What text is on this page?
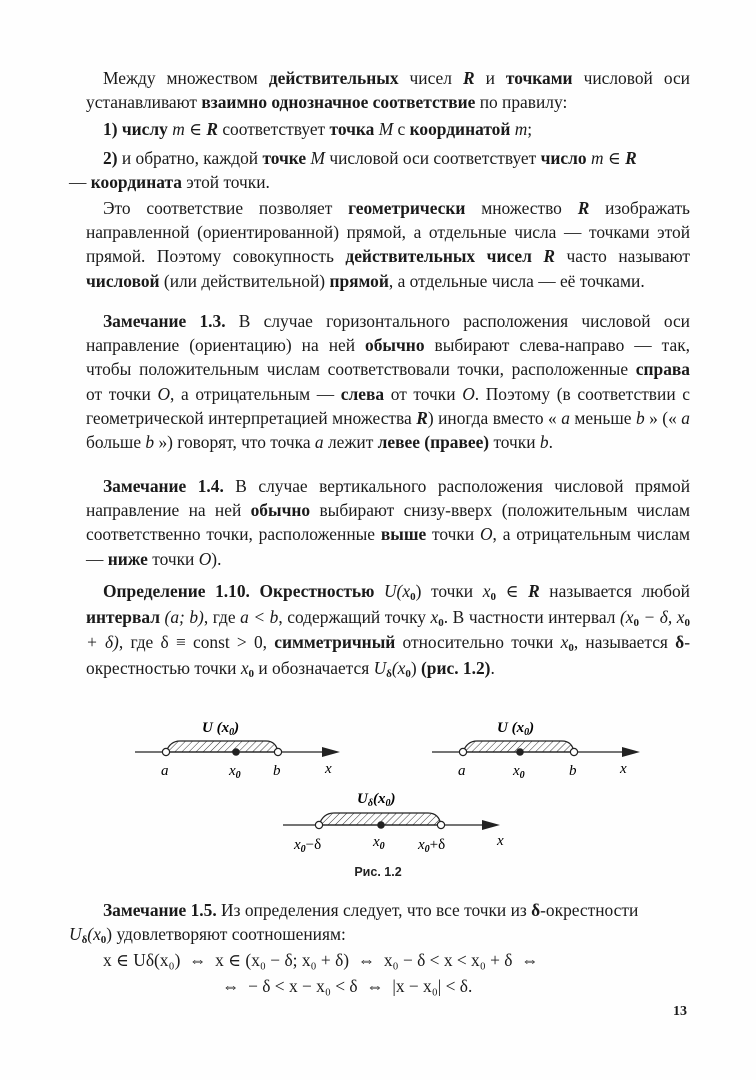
Между множеством действительных чисел R и точками числовой оси устанавливают взаимно однозначное соответствие по правилу:

1) числу m ∈ R соответствует точка M с координатой m;

2) и обратно, каждой точке M числовой оси соответствует число m ∈ R
— координата этой точки.

Это соответствие позволяет геометрически множество R изображать направленной (ориентированной) прямой, а отдельные числа — точками этой прямой. Поэтому совокупность действительных чисел R часто называют числовой (или действительной) прямой, а отдельные числа — её точками.

Замечание 1.3. В случае горизонтального расположения числовой оси направление (ориентацию) на ней обычно выбирают слева-направо — так, чтобы положительным числам соответствовали точки, расположенные справа от точки O, а отрицательным — слева от точки O. Поэтому (в соответствии с геометрической интерпретацией множества R) иногда вместо « a меньше b » (« a больше b ») говорят, что точка a лежит левее (правее) точки b.

Замечание 1.4. В случае вертикального расположения числовой прямой направление на ней обычно выбирают снизу-вверх (положительным числам соответственно точки, расположенные выше точки O, а отрицательным числам — ниже точки O).

Определение 1.10. Окрестностью $U(x_0)$ точки $x_0$ ∈ R называется любой интервал (a; b), где a < b, содержащий точку $x_0$. В частности интервал ($x_0 - \delta$, $x_0 + \delta$), где δ ≡ const > 0, симметричный относительно точки $x_0$, называется δ-окрестностью точки $x_0$ и обозначается $U_\delta(x_0)$ (рис. 1.2).

U $(x_0)$
a	$x_0$ b	x
U $(x_0)$
a	$x_0$	b	x
$U_\delta(x_0)$
$x_0-\delta$	$x_0$ $x_0+\delta$	x
Рис. 1.2

Замечание 1.5. Из определения следует, что все точки из δ-окрестности
$U_\delta(x_0)$ удовлетворяют соотношениям:

x ∈ Uδ(x₀)  ⇔  x ∈ (x₀ − δ; x₀ + δ)  ⇔  x₀ − δ < x < x₀ + δ  ⇔
⇔  − δ < x − x₀ < δ  ⇔  |x − x₀| < δ.
13
